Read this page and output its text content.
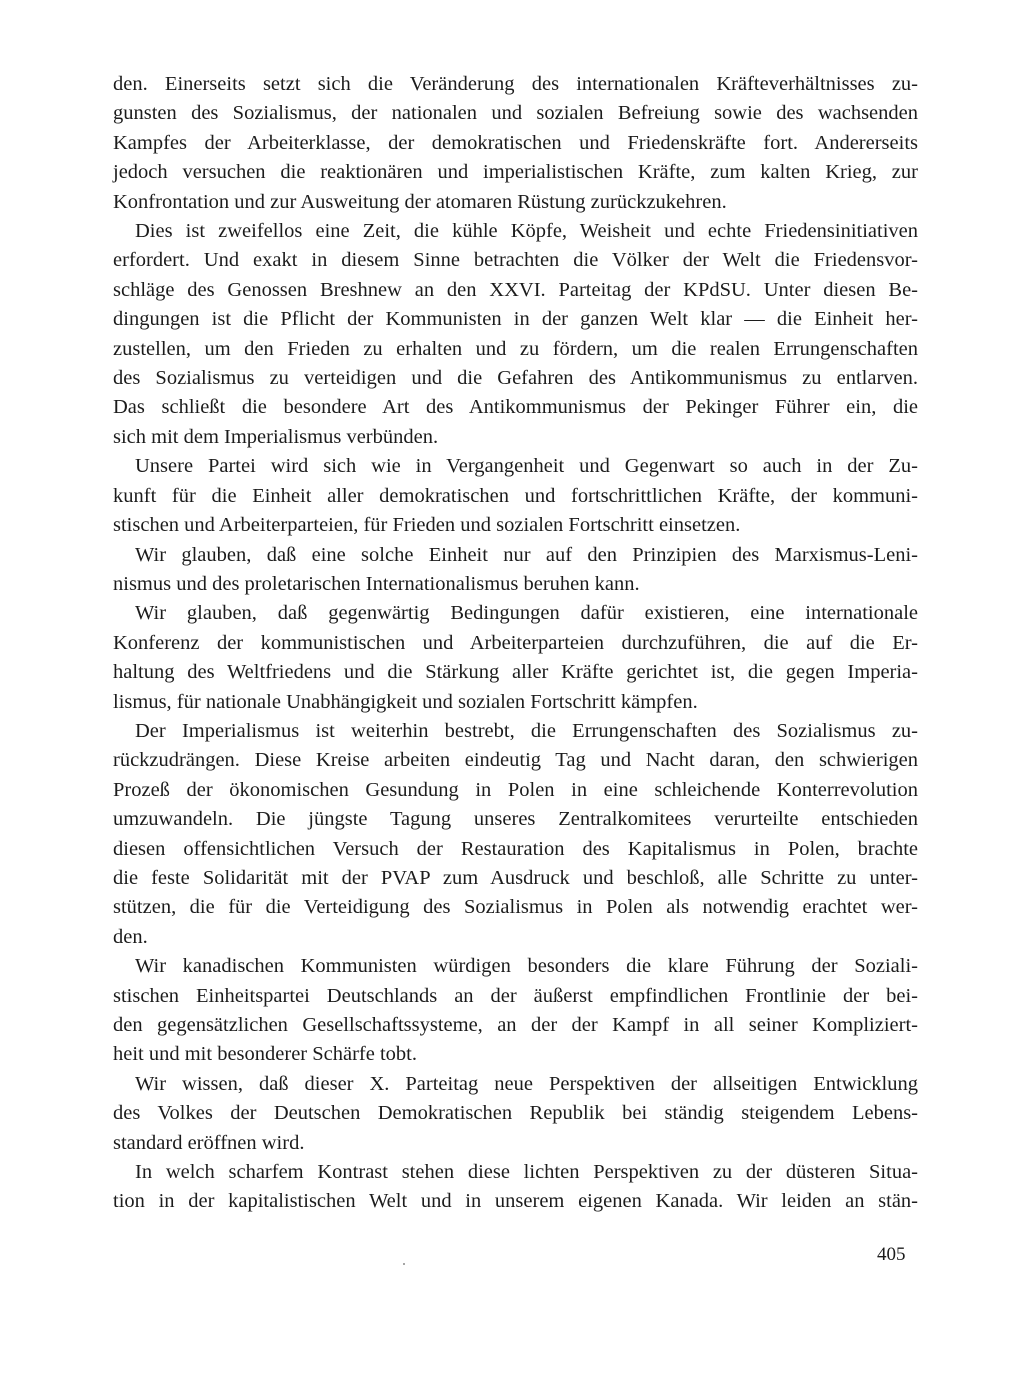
den. Einerseits setzt sich die Veränderung des internationalen Kräfteverhältnisses zu-
gunsten des Sozialismus, der nationalen und sozialen Befreiung sowie des wachsenden
Kampfes der Arbeiterklasse, der demokratischen und Friedenskräfte fort. Andererseits
jedoch versuchen die reaktionären und imperialistischen Kräfte, zum kalten Krieg, zur
Konfrontation und zur Ausweitung der atomaren Rüstung zurückzukehren.

Dies ist zweifellos eine Zeit, die kühle Köpfe, Weisheit und echte Friedensinitiativen
erfordert. Und exakt in diesem Sinne betrachten die Völker der Welt die Friedensvor-
schläge des Genossen Breshnew an den XXVI. Parteitag der KPdSU. Unter diesen Be-
dingungen ist die Pflicht der Kommunisten in der ganzen Welt klar — die Einheit her-
zustellen, um den Frieden zu erhalten und zu fördern, um die realen Errungenschaften
des Sozialismus zu verteidigen und die Gefahren des Antikommunismus zu entlarven.
Das schließt die besondere Art des Antikommunismus der Pekinger Führer ein, die
sich mit dem Imperialismus verbünden.

Unsere Partei wird sich wie in Vergangenheit und Gegenwart so auch in der Zu-
kunft für die Einheit aller demokratischen und fortschrittlichen Kräfte, der kommuni-
stischen und Arbeiterparteien, für Frieden und sozialen Fortschritt einsetzen.

Wir glauben, daß eine solche Einheit nur auf den Prinzipien des Marxismus-Leni-
nismus und des proletarischen Internationalismus beruhen kann.

Wir glauben, daß gegenwärtig Bedingungen dafür existieren, eine internationale
Konferenz der kommunistischen und Arbeiterparteien durchzuführen, die auf die Er-
haltung des Weltfriedens und die Stärkung aller Kräfte gerichtet ist, die gegen Imperia-
lismus, für nationale Unabhängigkeit und sozialen Fortschritt kämpfen.

Der Imperialismus ist weiterhin bestrebt, die Errungenschaften des Sozialismus zu-
rückzudrängen. Diese Kreise arbeiten eindeutig Tag und Nacht daran, den schwierigen
Prozeß der ökonomischen Gesundung in Polen in eine schleichende Konterrevolution
umzuwandeln. Die jüngste Tagung unseres Zentralkomitees verurteilte entschieden
diesen offensichtlichen Versuch der Restauration des Kapitalismus in Polen, brachte
die feste Solidarität mit der PVAP zum Ausdruck und beschloß, alle Schritte zu unter-
stützen, die für die Verteidigung des Sozialismus in Polen als notwendig erachtet wer-
den.

Wir kanadischen Kommunisten würdigen besonders die klare Führung der Soziali-
stischen Einheitspartei Deutschlands an der äußerst empfindlichen Frontlinie der bei-
den gegensätzlichen Gesellschaftssysteme, an der der Kampf in all seiner Kompliziert-
heit und mit besonderer Schärfe tobt.

Wir wissen, daß dieser X. Parteitag neue Perspektiven der allseitigen Entwicklung
des Volkes der Deutschen Demokratischen Republik bei ständig steigendem Lebens-
standard eröffnen wird.

In welch scharfem Kontrast stehen diese lichten Perspektiven zu der düsteren Situa-
tion in der kapitalistischen Welt und in unserem eigenen Kanada. Wir leiden an stän-

405
